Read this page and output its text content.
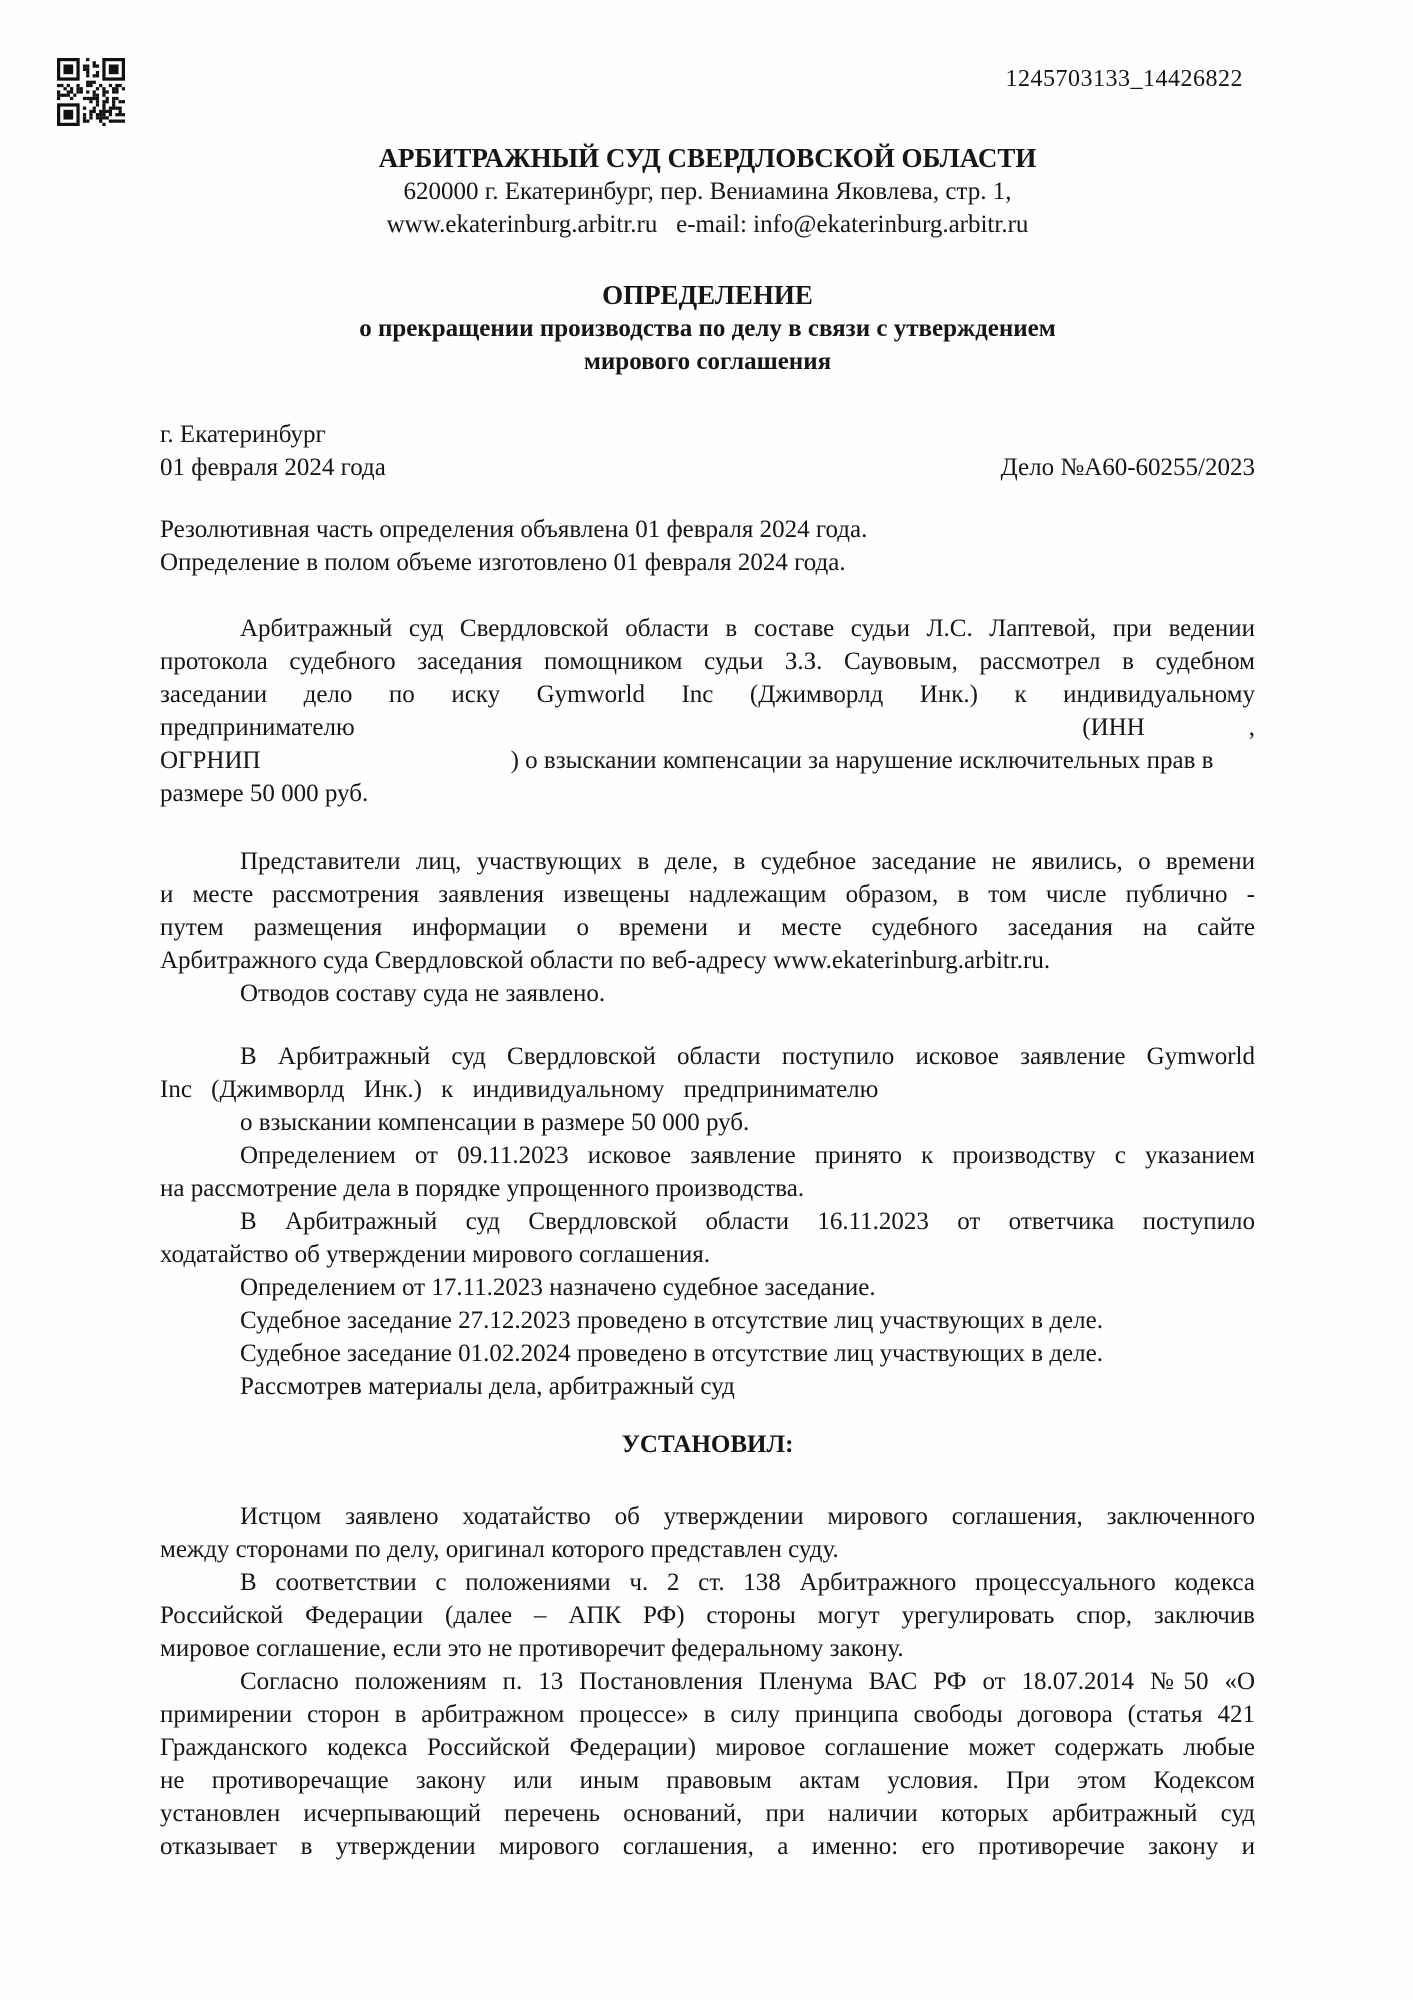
1245703133_14426822
АРБИТРАЖНЫЙ СУД СВЕРДЛОВСКОЙ ОБЛАСТИ
620000 г. Екатеринбург, пер. Вениамина Яковлева, стр. 1,
www.ekaterinburg.arbitr.ru   e-mail: info@ekaterinburg.arbitr.ru
ОПРЕДЕЛЕНИЕ
о прекращении производства по делу в связи с утверждением
мирового соглашения
г. Екатеринбург
01 февраля 2024 года	Дело №А60-60255/2023
Резолютивная часть определения объявлена 01 февраля 2024 года.
Определение в полом объеме изготовлено 01 февраля 2024 года.
Арбитражный суд Свердловской области в составе судьи Л.С. Лаптевой, при ведении
протокола судебного заседания помощником судьи З.З. Саувовым, рассмотрел в судебном
заседании дело по иску Gymworld Inc (Джимворлд Инк.) к индивидуальному
предпринимателю	(ИНН	,
ОГРНИП	) о взыскании компенсации за нарушение исключительных прав в
размере 50 000 руб.
Представители лиц, участвующих в деле, в судебное заседание не явились, о времени
и месте рассмотрения заявления извещены надлежащим образом, в том числе публично -
путем размещения информации о времени и месте судебного заседания на сайте
Арбитражного суда Свердловской области по веб-адресу www.ekaterinburg.arbitr.ru.
Отводов составу суда не заявлено.
В Арбитражный суд Свердловской области поступило исковое заявление Gymworld
Inc (Джимворлд Инк.) к индивидуальному предпринимателю
о взыскании компенсации в размере 50 000 руб.
Определением от 09.11.2023 исковое заявление принято к производству с указанием
на рассмотрение дела в порядке упрощенного производства.
В Арбитражный суд Свердловской области 16.11.2023 от ответчика поступило
ходатайство об утверждении мирового соглашения.
Определением от 17.11.2023 назначено судебное заседание.
Судебное заседание 27.12.2023 проведено в отсутствие лиц участвующих в деле.
Судебное заседание 01.02.2024 проведено в отсутствие лиц участвующих в деле.
Рассмотрев материалы дела, арбитражный суд
УСТАНОВИЛ:
Истцом заявлено ходатайство об утверждении мирового соглашения, заключенного
между сторонами по делу, оригинал которого представлен суду.
В соответствии с положениями ч. 2 ст. 138 Арбитражного процессуального кодекса
Российской Федерации (далее – АПК РФ) стороны могут урегулировать спор, заключив
мировое соглашение, если это не противоречит федеральному закону.
Согласно положениям п. 13 Постановления Пленума ВАС РФ от 18.07.2014 №50 «О
примирении сторон в арбитражном процессе» в силу принципа свободы договора (статья 421
Гражданского кодекса Российской Федерации) мировое соглашение может содержать любые
не противоречащие закону или иным правовым актам условия. При этом Кодексом
установлен исчерпывающий перечень оснований, при наличии которых арбитражный суд
отказывает в утверждении мирового соглашения, а именно: его противоречие закону и
